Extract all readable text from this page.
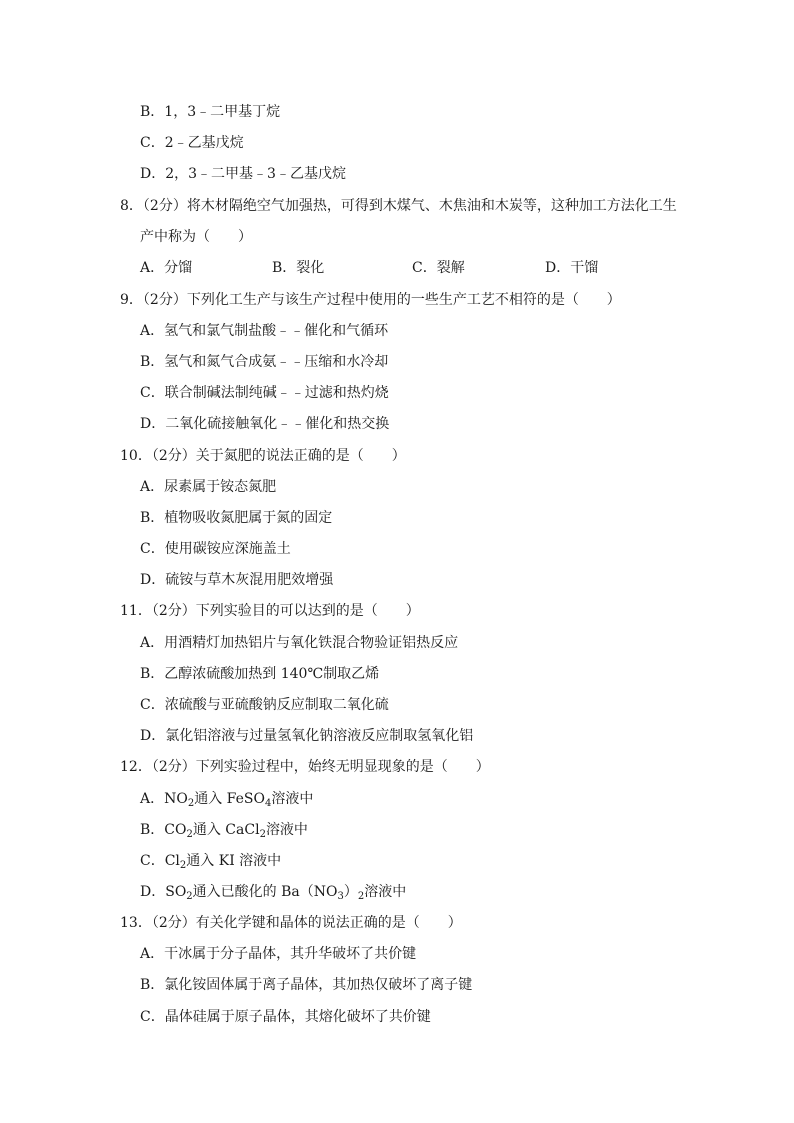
B．1，3﹣二甲基丁烷
C．2﹣乙基戊烷
D．2，3﹣二甲基﹣3﹣乙基戊烷
8．（2分）将木材隔绝空气加强热，可得到木煤气、木焦油和木炭等，这种加工方法化工生
产中称为（　　）
A．分馏	B．裂化	C．裂解	D．干馏
9．（2分）下列化工生产与该生产过程中使用的一些生产工艺不相符的是（　　）
A．氢气和氯气制盐酸﹣﹣催化和气循环
B．氢气和氮气合成氨﹣﹣压缩和水冷却
C．联合制碱法制纯碱﹣﹣过滤和热灼烧
D．二氧化硫接触氧化﹣﹣催化和热交换
10．（2分）关于氮肥的说法正确的是（　　）
A．尿素属于铵态氮肥
B．植物吸收氮肥属于氮的固定
C．使用碳铵应深施盖土
D．硫铵与草木灰混用肥效增强
11．（2分）下列实验目的可以达到的是（　　）
A．用酒精灯加热铝片与氧化铁混合物验证铝热反应
B．乙醇浓硫酸加热到 140℃制取乙烯
C．浓硫酸与亚硫酸钠反应制取二氧化硫
D．氯化铝溶液与过量氢氧化钠溶液反应制取氢氧化铝
12．（2分）下列实验过程中，始终无明显现象的是（　　）
A．$NO_2$通入 FeSO$_4$溶液中
B．$CO_2$通入 CaCl$_2$溶液中
C．$Cl_2$通入 KI 溶液中
D．$SO_2$通入已酸化的 $Ba(NO_3)_2$溶液中
13．（2分）有关化学键和晶体的说法正确的是（　　）
A．干冰属于分子晶体，其升华破坏了共价键
B．氯化铵固体属于离子晶体，其加热仅破坏了离子键
C．晶体硅属于原子晶体，其熔化破坏了共价键
